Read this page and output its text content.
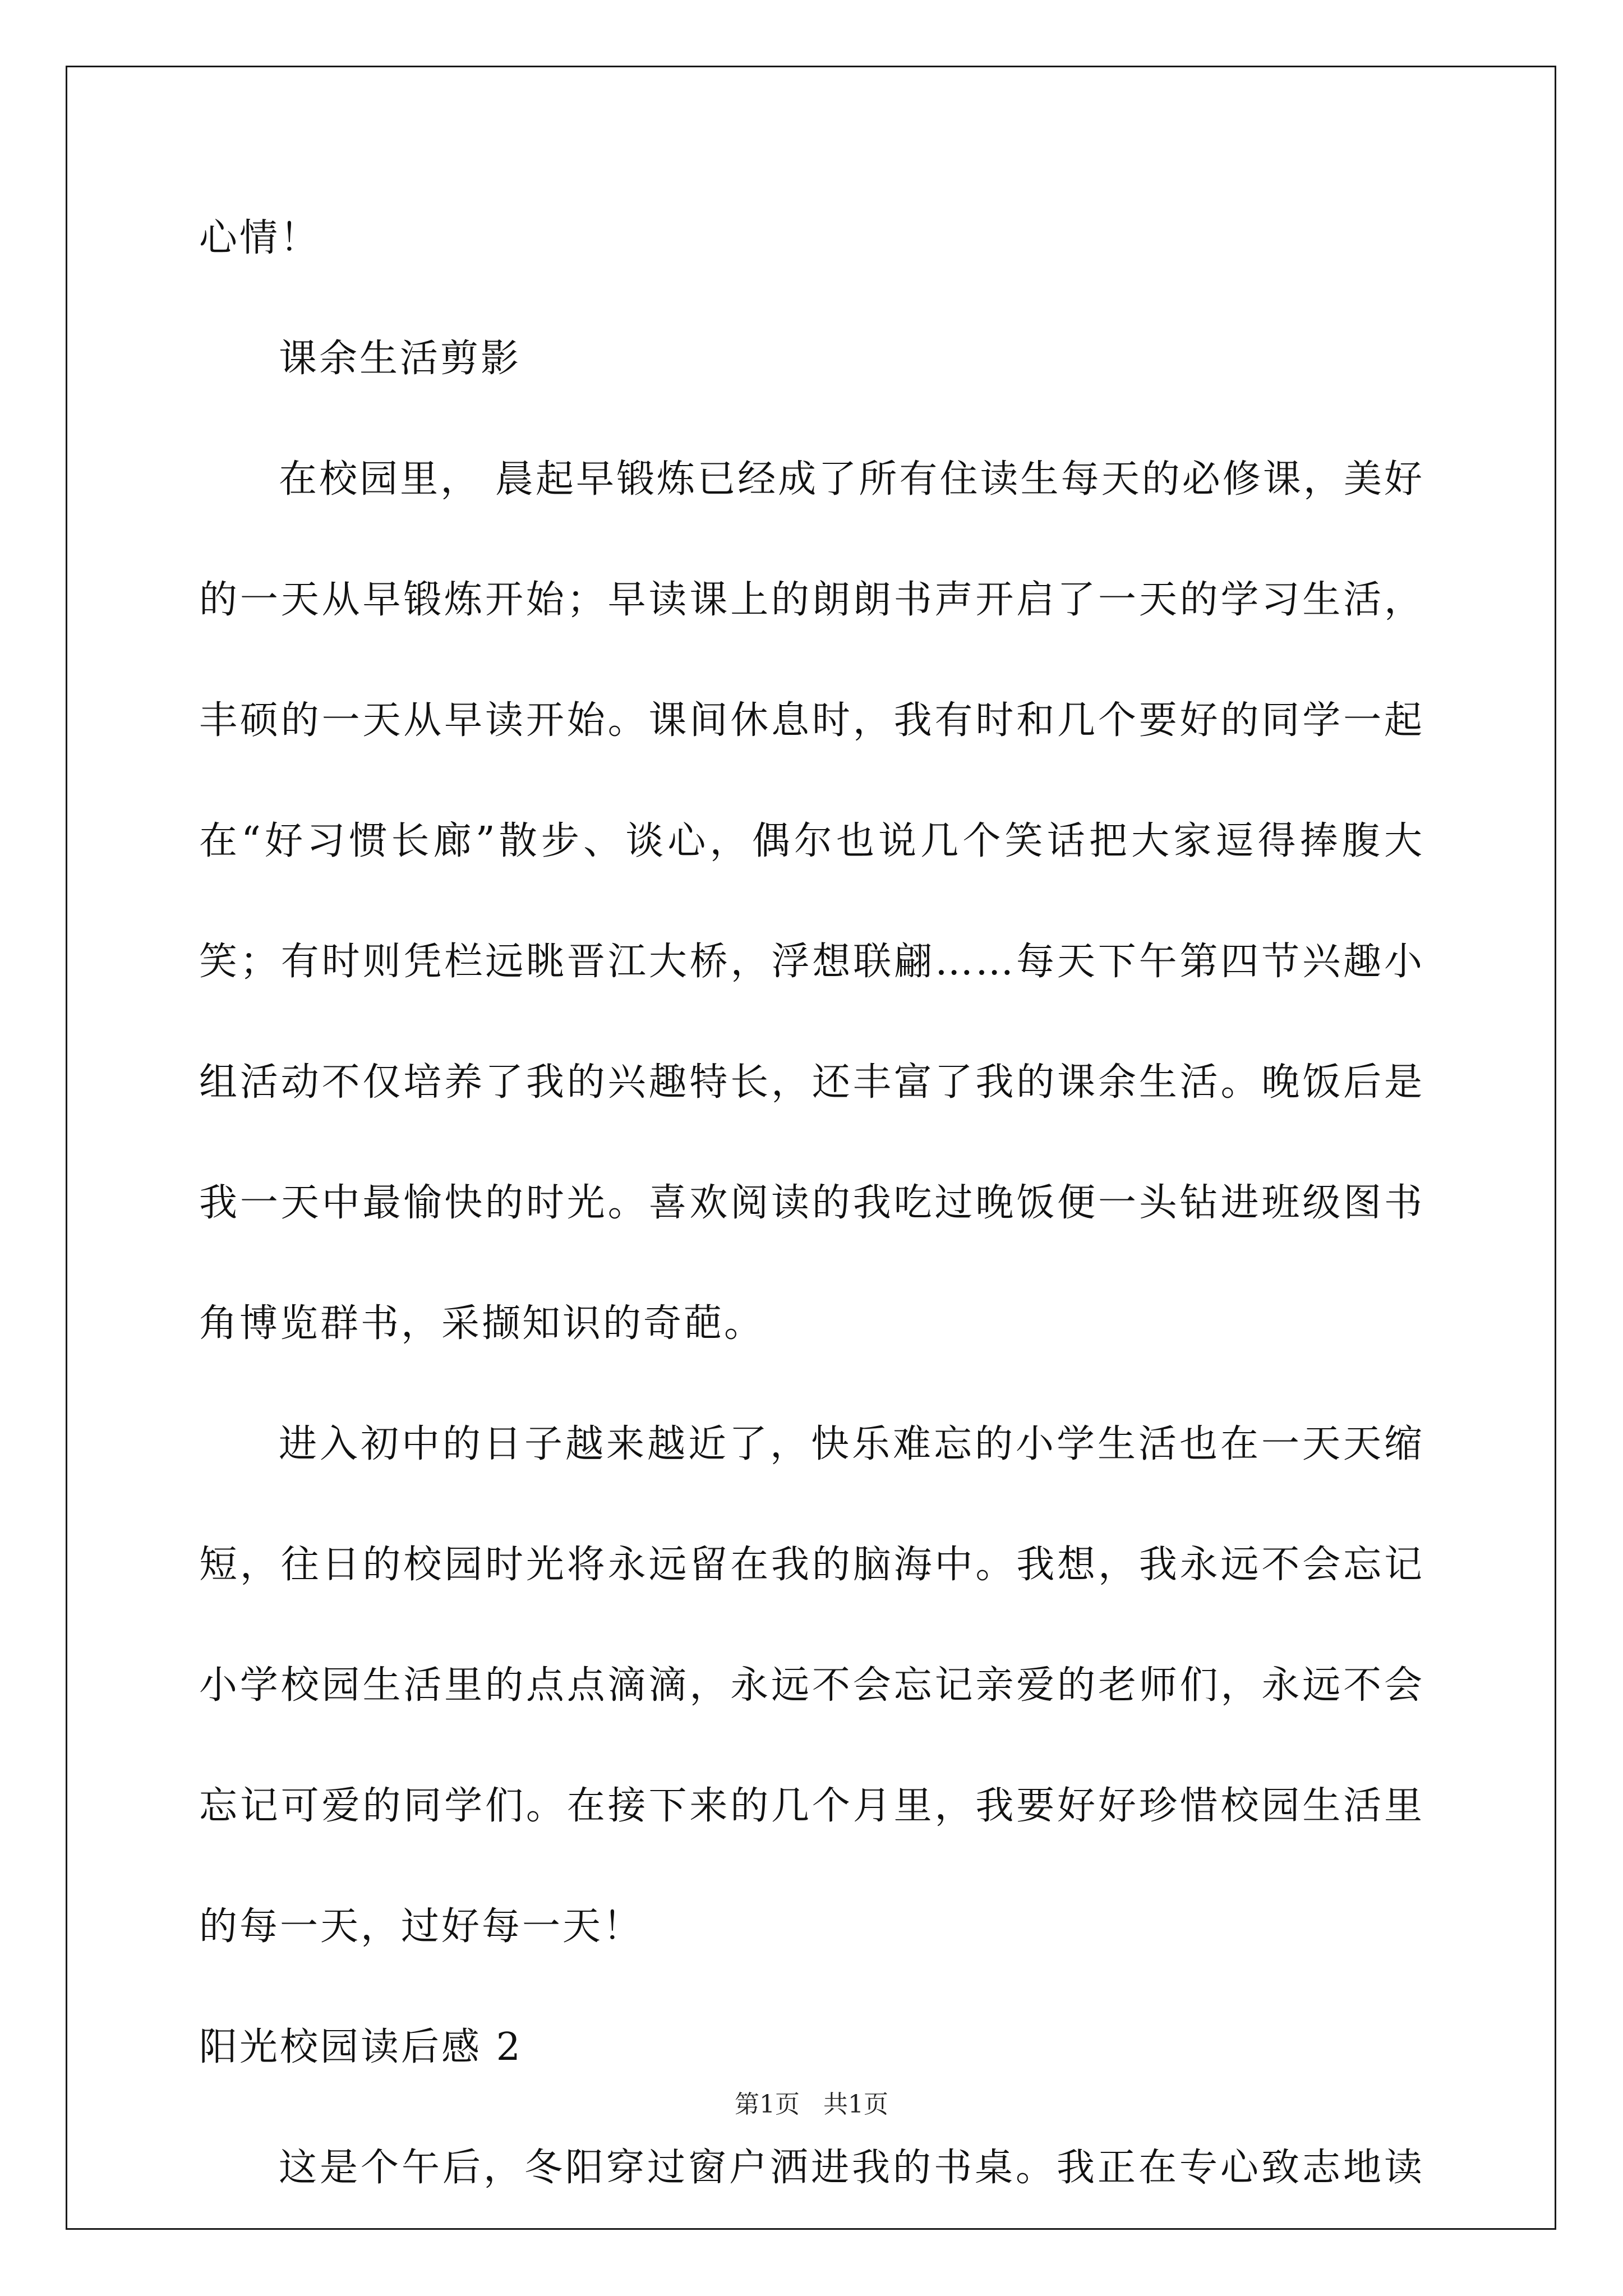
心情！
课余生活剪影
在校园里， 晨起早锻炼已经成了所有住读生每天的必修课，美好
的一天从早锻炼开始；早读课上的朗朗书声开启了一天的学习生活，
丰硕的一天从早读开始。课间休息时，我有时和几个要好的同学一起
在“好习惯长廊”散步、谈心，偶尔也说几个笑话把大家逗得捧腹大
笑；有时则凭栏远眺晋江大桥，浮想联翩……每天下午第四节兴趣小
组活动不仅培养了我的兴趣特长，还丰富了我的课余生活。晚饭后是
我一天中最愉快的时光。喜欢阅读的我吃过晚饭便一头钻进班级图书
角博览群书，采撷知识的奇葩。
进入初中的日子越来越近了，快乐难忘的小学生活也在一天天缩
短，往日的校园时光将永远留在我的脑海中。我想，我永远不会忘记
小学校园生活里的点点滴滴，永远不会忘记亲爱的老师们，永远不会
忘记可爱的同学们。在接下来的几个月里，我要好好珍惜校园生活里
的每一天，过好每一天！
阳光校园读后感 2
这是个午后，冬阳穿过窗户洒进我的书桌。我正在专心致志地读
第1页   共1页
